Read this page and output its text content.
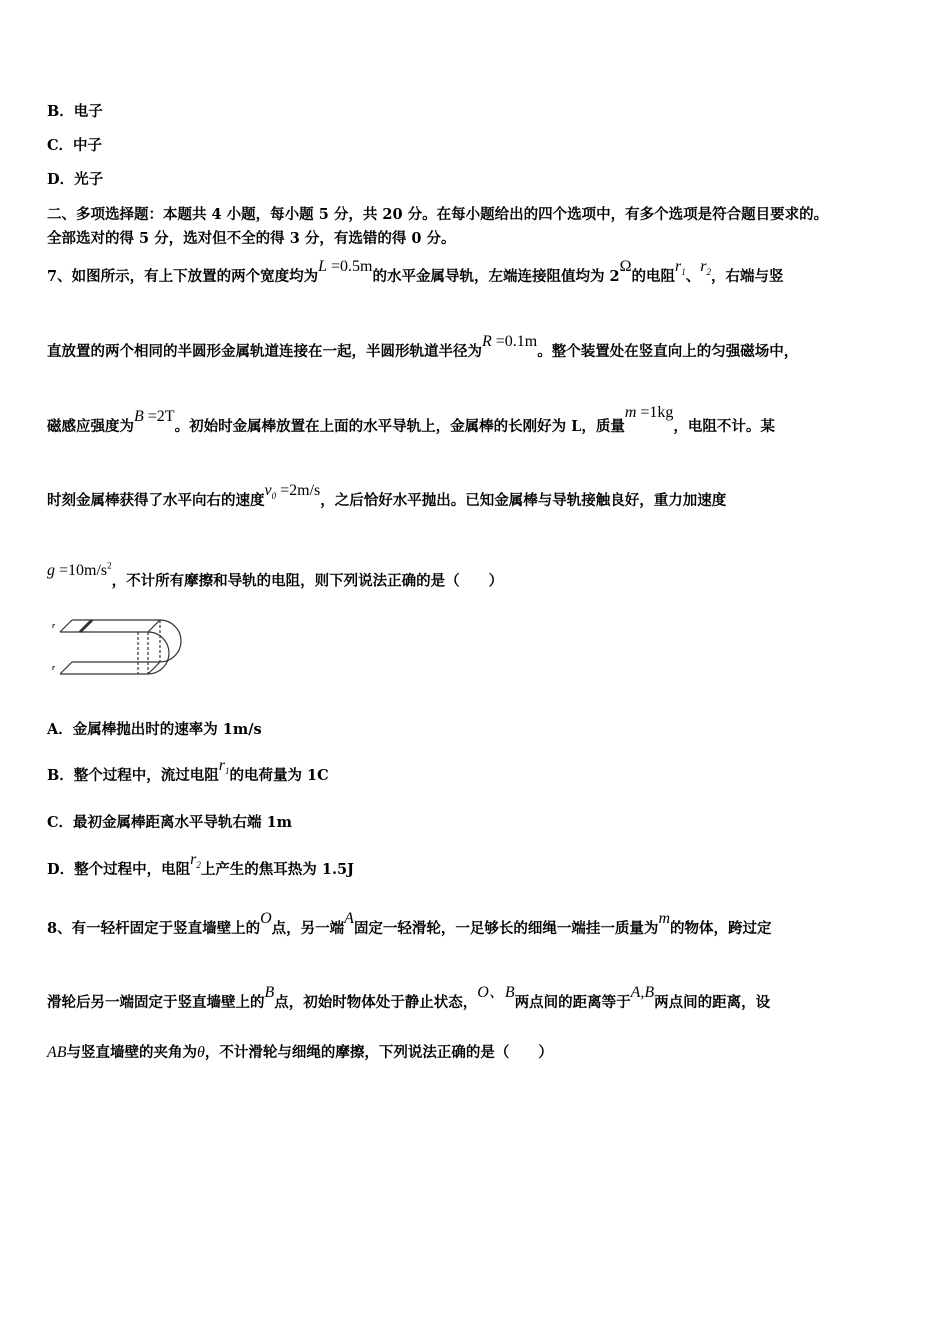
B．电子
C．中子
D．光子
二、多项选择题：本题共 4 小题，每小题 5 分，共 20 分。在每小题给出的四个选项中，有多个选项是符合题目要求的。
全部选对的得 5 分，选对但不全的得 3 分，有选错的得 0 分。
7、如图所示，有上下放置的两个宽度均为L =0.5m的水平金属导轨，左端连接阻值均为 2Ω的电阻$r_1$、$r_2$，右端与竖
直放置的两个相同的半圆形金属轨道连接在一起，半圆形轨道半径为R =0.1m。整个装置处在竖直向上的匀强磁场中，
磁感应强度为B =2T。初始时金属棒放置在上面的水平导轨上，金属棒的长刚好为 L，质量m =1kg，电阻不计。某
时刻金属棒获得了水平向右的速度$v_0 =2m/s$，之后恰好水平抛出。已知金属棒与导轨接触良好，重力加速度
$g =10m/s^2$，不计所有摩擦和导轨的电阻，则下列说法正确的是（　　）
r
r
A．金属棒抛出时的速率为 1m/s
B．整个过程中，流过电阻$r_1$的电荷量为 1C
C．最初金属棒距离水平导轨右端 1m
D．整个过程中，电阻$r_2$上产生的焦耳热为 1.5J
8、有一轻杆固定于竖直墙壁上的O点，另一端A固定一轻滑轮，一足够长的细绳一端挂一质量为m的物体，跨过定
滑轮后另一端固定于竖直墙壁上的B点，初始时物体处于静止状态，O、B两点间的距离等于A,B两点间的距离，设
AB与竖直墙壁的夹角为θ，不计滑轮与细绳的摩擦，下列说法正确的是（　　）
